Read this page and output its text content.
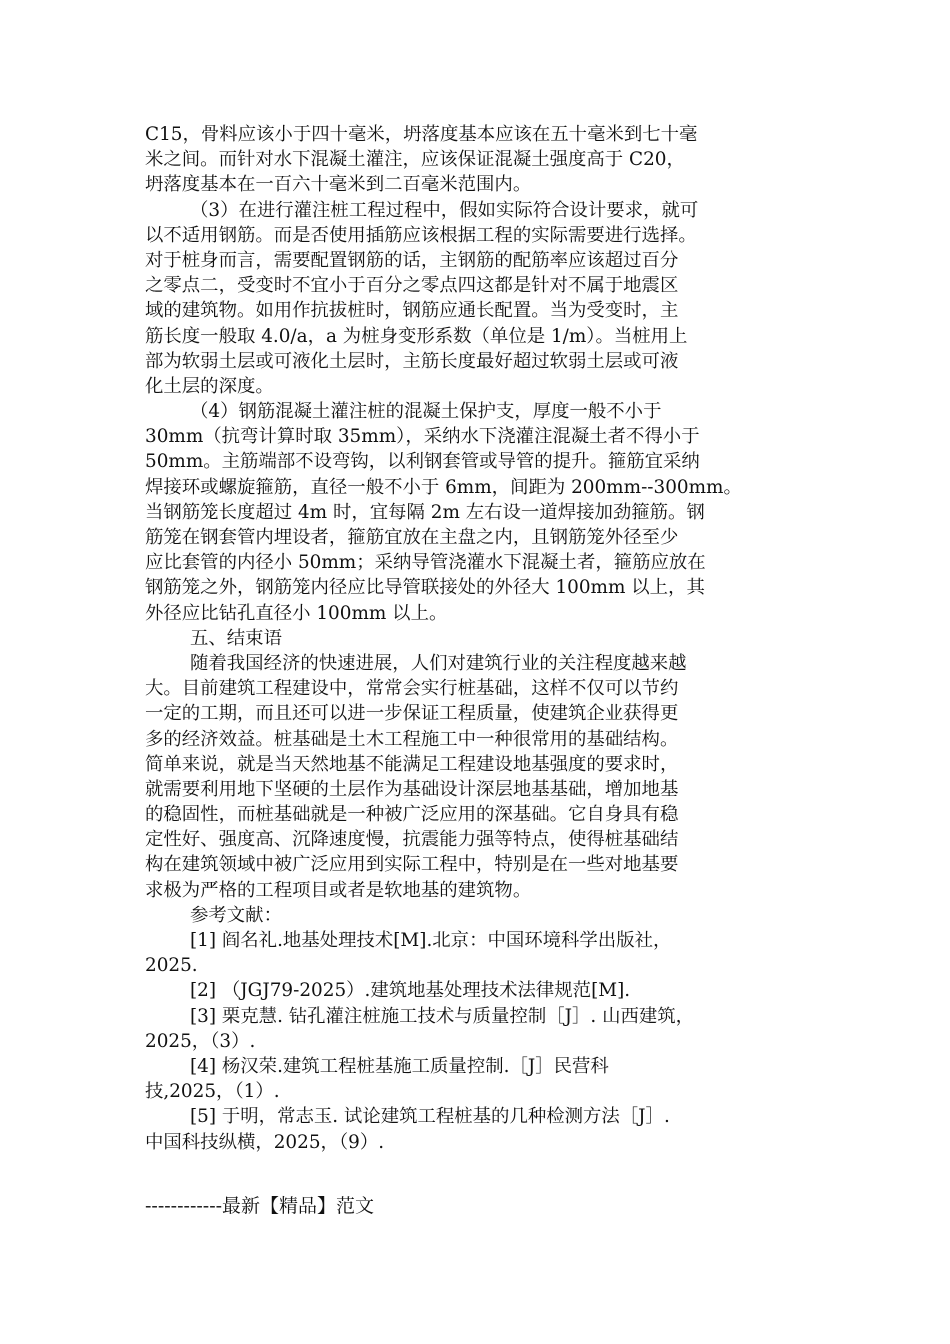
C15，骨料应该小于四十毫米，坍落度基本应该在五十毫米到七十毫
米之间。而针对水下混凝土灌注，应该保证混凝土强度高于 C20，
坍落度基本在一百六十毫米到二百毫米范围内。
（3）在进行灌注桩工程过程中，假如实际符合设计要求，就可
以不适用钢筋。而是否使用插筋应该根据工程的实际需要进行选择。
对于桩身而言，需要配置钢筋的话，主钢筋的配筋率应该超过百分
之零点二，受变时不宜小于百分之零点四这都是针对不属于地震区
域的建筑物。如用作抗拔桩时，钢筋应通长配置。当为受变时，主
筋长度一般取 4.0/a，a 为桩身变形系数（单位是 1/m）。当桩用上
部为软弱土层或可液化土层时，主筋长度最好超过软弱土层或可液
化土层的深度。
（4）钢筋混凝土灌注桩的混凝土保护支，厚度一般不小于
30mm（抗弯计算时取 35mm），采纳水下浇灌注混凝土者不得小于
50mm。主筋端部不设弯钩，以利钢套管或导管的提升。箍筋宜采纳
焊接环或螺旋箍筋，直径一般不小于 6mm，间距为 200mm--300mm。
当钢筋笼长度超过 4m 时，宜每隔 2m 左右设一道焊接加劲箍筋。钢
筋笼在钢套管内埋设者，箍筋宜放在主盘之内，且钢筋笼外径至少
应比套管的内径小 50mm；采纳导管浇灌水下混凝土者，箍筋应放在
钢筋笼之外，钢筋笼内径应比导管联接处的外径大 100mm 以上，其
外径应比钻孔直径小 100mm 以上。
五、结束语
随着我国经济的快速进展，人们对建筑行业的关注程度越来越
大。目前建筑工程建设中，常常会实行桩基础，这样不仅可以节约
一定的工期，而且还可以进一步保证工程质量，使建筑企业获得更
多的经济效益。桩基础是土木工程施工中一种很常用的基础结构。
简单来说，就是当天然地基不能满足工程建设地基强度的要求时，
就需要利用地下坚硬的土层作为基础设计深层地基基础，增加地基
的稳固性，而桩基础就是一种被广泛应用的深基础。它自身具有稳
定性好、强度高、沉降速度慢，抗震能力强等特点，使得桩基础结
构在建筑领域中被广泛应用到实际工程中，特别是在一些对地基要
求极为严格的工程项目或者是软地基的建筑物。
参考文献：
[1] 阎名礼.地基处理技术[M].北京：中国环境科学出版社，
2025.
[2] （JGJ79-2025）.建筑地基处理技术法律规范[M].
[3] 栗克慧. 钻孔灌注桩施工技术与质量控制［J］. 山西建筑，
2025，（3）.
[4] 杨汉荣.建筑工程桩基施工质量控制.［J］民营科
技,2025，（1）.
[5] 于明，常志玉. 试论建筑工程桩基的几种检测方法［J］.
中国科技纵横，2025，（9）.
------------最新【精品】范文
